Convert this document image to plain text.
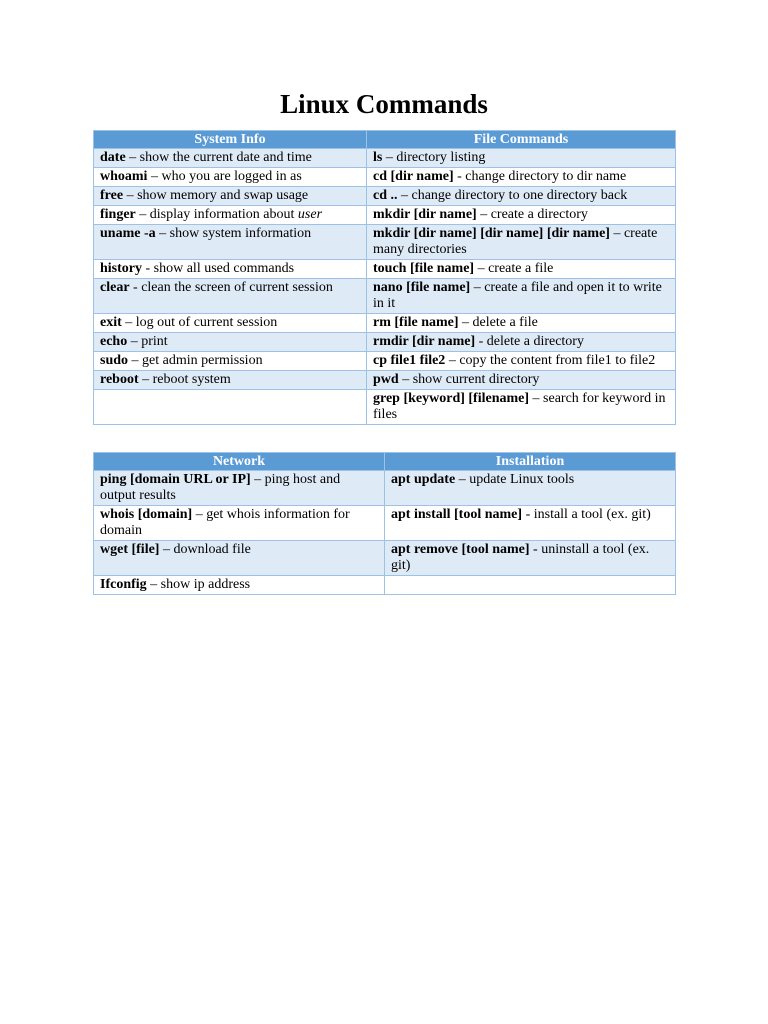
Linux Commands
System Info	File Commands
date – show the current date and time	ls – directory listing
whoami – who you are logged in as	cd [dir name] - change directory to dir name
free – show memory and swap usage	cd .. – change directory to one directory back
finger – display information about user	mkdir [dir name] – create a directory
uname -a – show system information	mkdir [dir name] [dir name] [dir name] – create many directories
history - show all used commands	touch [file name] – create a file
clear - clean the screen of current session	nano [file name] – create a file and open it to write in it
exit – log out of current session	rm [file name] – delete a file
echo – print	rmdir [dir name] - delete a directory
sudo – get admin permission	cp file1 file2 – copy the content from file1 to file2
reboot – reboot system	pwd – show current directory
	grep [keyword] [filename] – search for keyword in files
Network	Installation
ping [domain URL or IP] – ping host and output results	apt update – update Linux tools
whois [domain] – get whois information for domain	apt install [tool name] - install a tool (ex. git)
wget [file] – download file	apt remove [tool name] - uninstall a tool (ex. git)
Ifconfig – show ip address	
